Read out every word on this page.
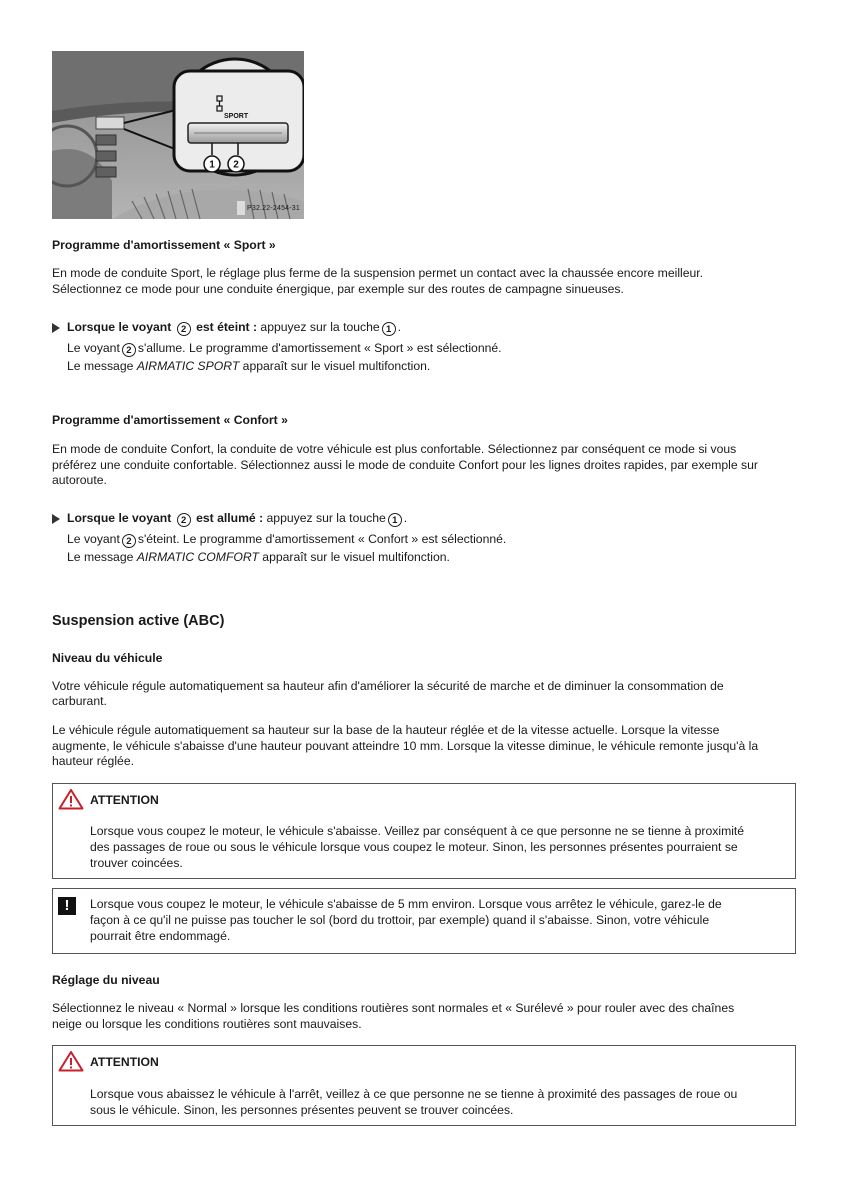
SPORT
1 2
P32.22-2454-31
Programme d'amortissement « Sport »

En mode de conduite Sport, le réglage plus ferme de la suspension permet un contact avec la chaussée encore meilleur.

Sélectionnez ce mode pour une conduite énergique, par exemple sur des routes de campagne sinueuses.

Lorsque le voyant 2 est éteint : appuyez sur la touche 1 .
Le voyant 2 s'allume. Le programme d'amortissement « Sport » est sélectionné.
Le message AIRMATIC SPORT apparaît sur le visuel multifonction.
Programme d'amortissement « Confort »

En mode de conduite Confort, la conduite de votre véhicule est plus confortable. Sélectionnez par conséquent ce mode si vous

préférez une conduite confortable. Sélectionnez aussi le mode de conduite Confort pour les lignes droites rapides, par exemple sur

autoroute.

Lorsque le voyant 2 est allumé : appuyez sur la touche 1 .
Le voyant 2 s'éteint. Le programme d'amortissement « Confort » est sélectionné.
Le message AIRMATIC COMFORT apparaît sur le visuel multifonction.
Suspension active (ABC)
Niveau du véhicule

Votre véhicule régule automatiquement sa hauteur afin d'améliorer la sécurité de marche et de diminuer la consommation de

carburant.

Le véhicule régule automatiquement sa hauteur sur la base de la hauteur réglée et de la vitesse actuelle. Lorsque la vitesse

augmente, le véhicule s'abaisse d'une hauteur pouvant atteindre 10 mm. Lorsque la vitesse diminue, le véhicule remonte jusqu'à la

hauteur réglée.

ATTENTION
Lorsque vous coupez le moteur, le véhicule s'abaisse. Veillez par conséquent à ce que personne ne se tienne à proximité
des passages de roue ou sous le véhicule lorsque vous coupez le moteur. Sinon, les personnes présentes pourraient se
trouver coincées.
!	Lorsque vous coupez le moteur, le véhicule s'abaisse de 5 mm environ. Lorsque vous arrêtez le véhicule, garez-le de
façon à ce qu'il ne puisse pas toucher le sol (bord du trottoir, par exemple) quand il s'abaisse. Sinon, votre véhicule
pourrait être endommagé.
Réglage du niveau

Sélectionnez le niveau « Normal » lorsque les conditions routières sont normales et « Surélevé » pour rouler avec des chaînes

neige ou lorsque les conditions routières sont mauvaises.

ATTENTION
Lorsque vous abaissez le véhicule à l'arrêt, veillez à ce que personne ne se tienne à proximité des passages de roue ou
sous le véhicule. Sinon, les personnes présentes peuvent se trouver coincées.
